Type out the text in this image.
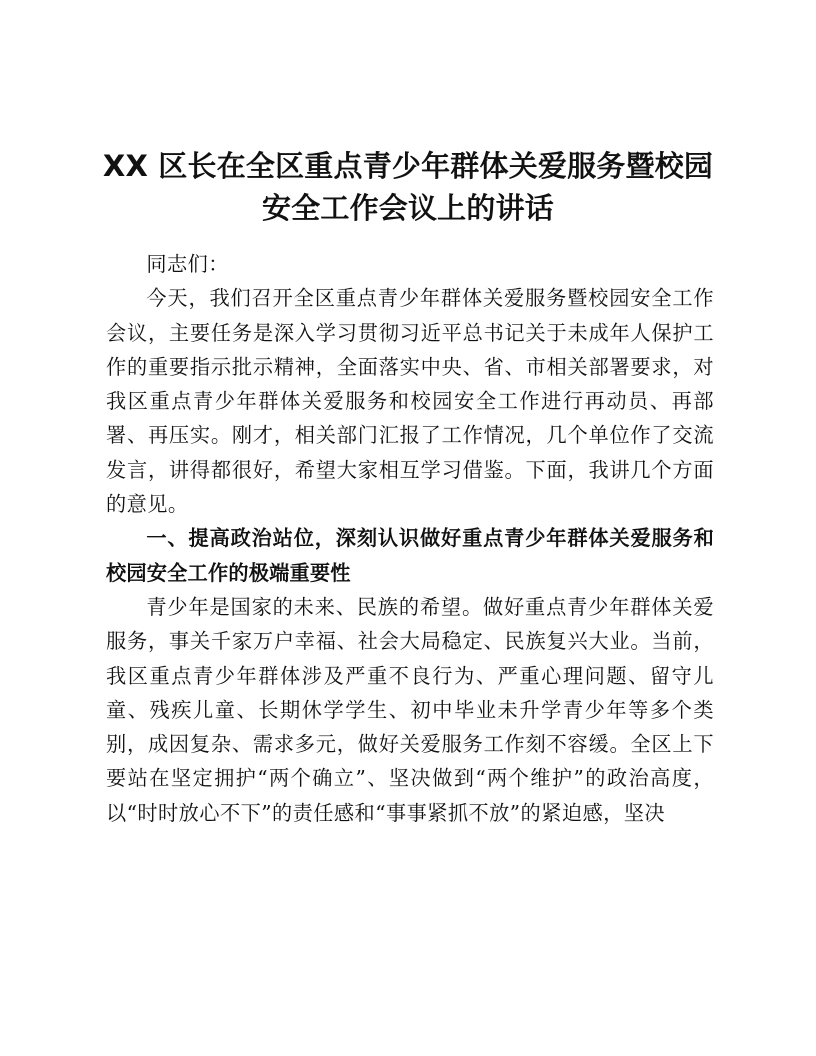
XX 区长在全区重点青少年群体关爱服务暨校园
安全工作会议上的讲话

同志们：

今天，我们召开全区重点青少年群体关爱服务暨校园安全工作会议，主要任务是深入学习贯彻习近平总书记关于未成年人保护工作的重要指示批示精神，全面落实中央、省、市相关部署要求，对我区重点青少年群体关爱服务和校园安全工作进行再动员、再部署、再压实。刚才，相关部门汇报了工作情况，几个单位作了交流发言，讲得都很好，希望大家相互学习借鉴。下面，我讲几个方面的意见。

一、提高政治站位，深刻认识做好重点青少年群体关爱服务和校园安全工作的极端重要性

青少年是国家的未来、民族的希望。做好重点青少年群体关爱服务，事关千家万户幸福、社会大局稳定、民族复兴大业。当前，我区重点青少年群体涉及严重不良行为、严重心理问题、留守儿童、残疾儿童、长期休学学生、初中毕业未升学青少年等多个类别，成因复杂、需求多元，做好关爱服务工作刻不容缓。全区上下要站在坚定拥护“两个确立”、坚决做到“两个维护”的政治高度，以“时时放心不下”的责任感和“事事紧抓不放”的紧迫感，坚决
